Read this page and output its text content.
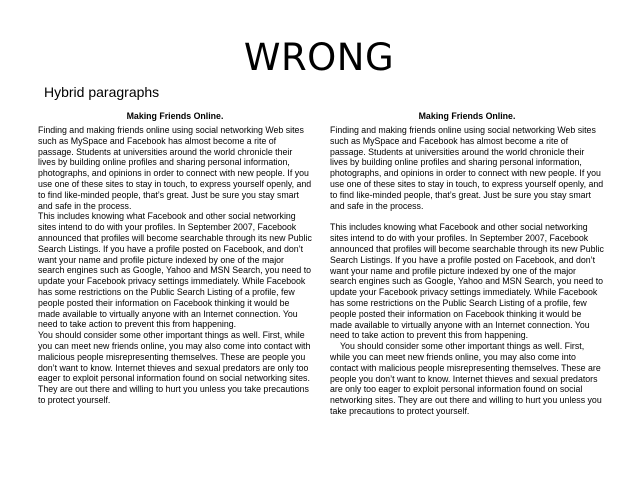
WRONG
Hybrid paragraphs
Making Friends Online.

Finding and making friends online using social networking Web sites such as MySpace and Facebook has almost become a rite of passage. Students at universities around the world chronicle their lives by building online profiles and sharing personal information, photographs, and opinions in order to connect with new people. If you use one of these sites to stay in touch, to express yourself openly, and to find like-minded people, that’s great. Just be sure you stay smart and safe in the process.

This includes knowing what Facebook and other social networking sites intend to do with your profiles. In September 2007, Facebook announced that profiles will become searchable through its new Public Search Listings. If you have a profile posted on Facebook, and don’t want your name and profile picture indexed by one of the major search engines such as Google, Yahoo and MSN Search, you need to update your Facebook privacy settings immediately. While Facebook has some restrictions on the Public Search Listing of a profile, few people posted their information on Facebook thinking it would be made available to virtually anyone with an Internet connection. You need to take action to prevent this from happening.

You should consider some other important things as well. First, while you can meet new friends online, you may also come into contact with malicious people misrepresenting themselves. These are people you don’t want to know. Internet thieves and sexual predators are only too eager to exploit personal information found on social networking sites. They are out there and willing to hurt you unless you take precautions to protect yourself.

Making Friends Online.

Finding and making friends online using social networking Web sites such as MySpace and Facebook has almost become a rite of passage. Students at universities around the world chronicle their lives by building online profiles and sharing personal information, photographs, and opinions in order to connect with new people. If you use one of these sites to stay in touch, to express yourself openly, and to find like-minded people, that’s great. Just be sure you stay smart and safe in the process.

This includes knowing what Facebook and other social networking sites intend to do with your profiles. In September 2007, Facebook announced that profiles will become searchable through its new Public Search Listings. If you have a profile posted on Facebook, and don’t want your name and profile picture indexed by one of the major search engines such as Google, Yahoo and MSN Search, you need to update your Facebook privacy settings immediately. While Facebook has some restrictions on the Public Search Listing of a profile, few people posted their information on Facebook thinking it would be made available to virtually anyone with an Internet connection. You need to take action to prevent this from happening.

You should consider some other important things as well. First, while you can meet new friends online, you may also come into contact with malicious people misrepresenting themselves. These are people you don’t want to know. Internet thieves and sexual predators are only too eager to exploit personal information found on social networking sites. They are out there and willing to hurt you unless you take precautions to protect yourself.
